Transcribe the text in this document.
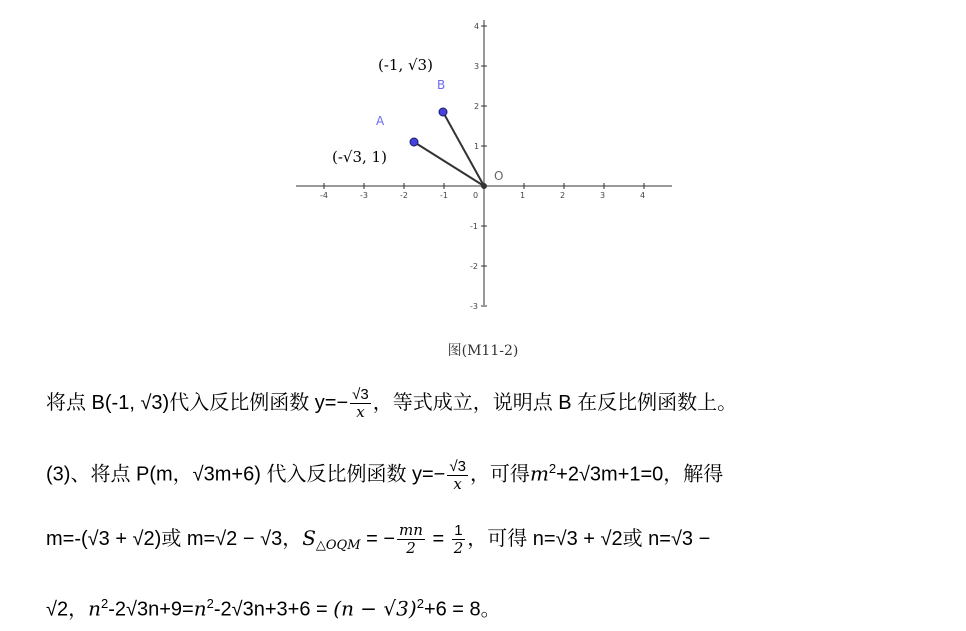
-4	-3	-2	-1	0	1	2	3	4
4
3
2
1
-1
-2
-3
A
B
O
(-√3, 1)
(-1, √3)
图(M11-2)
将点 B(-1, √3)代入反比例函数 $y=- \frac{√3}{x}$ ，等式成立，说明点 B 在反比例函数上。
(3)、将点 P(m，√3m+6) 代入反比例函数 $y=- \frac{√3}{x}$ ，可得$m^2+2√3m+1=0$，解得
m=-(√3 + √2)或 m=√2 − √3，$S_{\triangle OQM}$ = − $\frac{mn}{2} = \frac{1}{2}$ ，可得 n=√3 + √2或 n=√3 −
√2，$n^2-2√3n+9=n^2-2√3n+3+6 = (n - √3)^2+6 = 8$。
